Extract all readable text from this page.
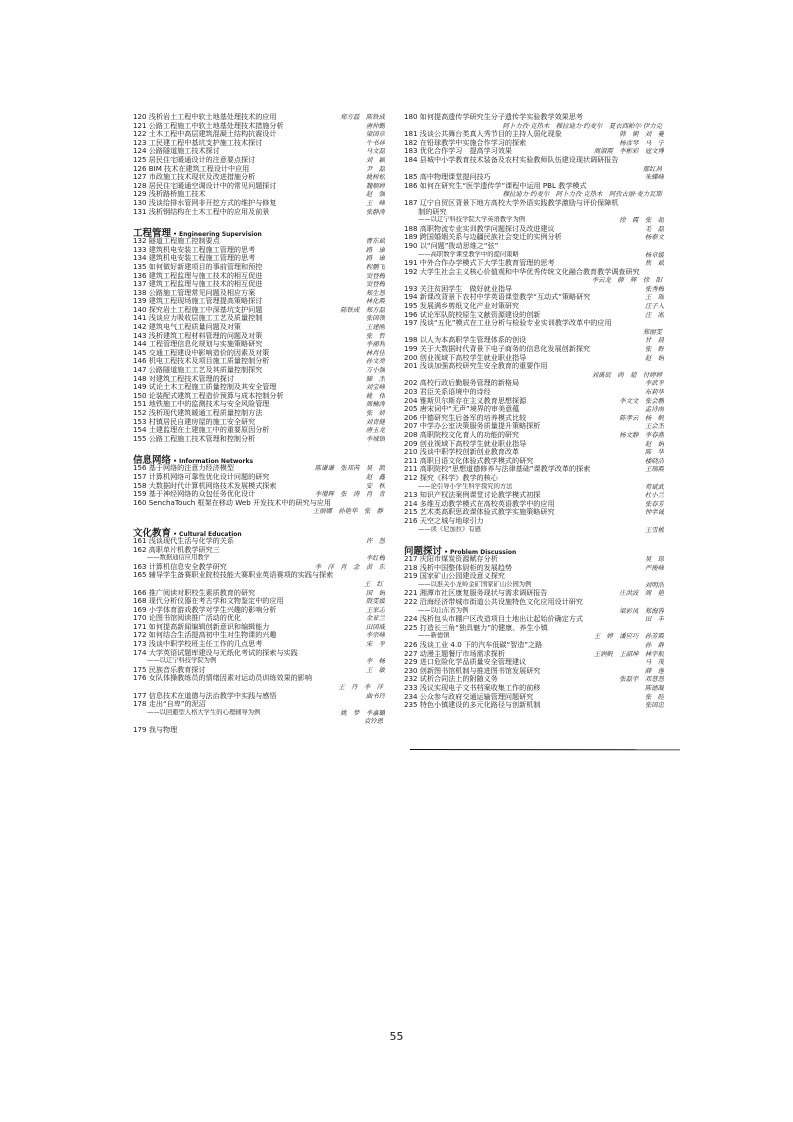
120 浅析岩土工程中软土地基处理技术的应用	郑方磊　陈铁成
121 公路工程施工中软土地基处理技术措施分析	唐仲勤
122 土木工程中高层建筑混凝土结构抗震设计	梁国章
123 工民建工程中基坑支护施工技术探讨	牛书祥
124 公路隧道施工技术探讨	马文磊
125 居民住宅暖通设计的注意要点探讨	刘　颖
126 BIM 技术在建筑工程设计中应用	尹　磊
127 市政施工技术现状及改进措施分析	姚树松
128 居民住宅暖通空调设计中的常见问题探讨	魏顺婷
129 浅析路桥施工技术	赵　强
130 浅谈给排水管网非开挖方式的维护与修复	王　峰
131 浅析钢结构在土木工程中的应用及前景	张静涛
工程管理 • Engineering Supervision
132 隧道工程施工控制要点	曹东斌
133 建筑机电安装工程施工管理的思考	路　康
134 建筑机电安装工程施工管理的思考	路　康
135 如何做好新建项目的事前管理和预控	程鹏飞
136 建筑工程监理与施工技术的相互促进	窦登梅
137 建筑工程监理与施工技术的相互促进	窦登梅
138 公路施工管理常见问题及相应方案	郑生慧
139 建筑工程现场施工管理提高策略探讨	林化霞
140 探究岩土工程施工中深基坑支护问题	陈铁成　郑方磊
141 浅谈应力吸收层施工工艺及质量控制	张国领
142 建筑电气工程质量问题及对策	王建刚
143 浅析建筑工程材料管理的问题及对策	张　哲
144 工程管理信息化规划与实施策略研究	李福利
145 交通工程建设中影响造价的因素及对策	林肖佳
146 机电工程技术及项目施工质量控制分析	孙文亮
147 公路隧道施工工艺及其质量控制探究	万小强
148 对建筑工程技术管理的探讨	滕　杰
149 试论土木工程施工质量控制及其安全管理	刘宝峰
150 论装配式建筑工程造价预算与成本控制分析	姚　伟
151 地铁施工中的监测技术与安全风险管理	周楠涛
152 浅析现代建筑暖通工程质量控制方法	张　妍
153 村镇居民自建房屋的施工安全研究	刘青健
154 土建监理在土建施工中的重要原因分析	唐玉龙
155 公路工程施工技术管理和控制分析	李城镇
信息网络 • Information Networks
156 基于网络的注意力经济模型	陈谦谦　张邦芮　吴　凯
157 计算机网络可靠性优化设计问题的研究	赵　鑫
158 大数据时代计算机网络技术发展模式探索	安　秋
159 基于神经网络的众包任务优化设计	李增辉　张　涛　肖　青
160 SenchaTouch 框架在移动 Web 开发技术中的研究与应用
王丽娜　孙艳华　张　静
文化教育 • Cultural Education
161 浅谈现代生活与化学的关系	许　慧
162 高职单片机教学研究三
——数据通信应用教学	李红梅
163 计算机信息安全教学研究	李　洋　肖　念　黄　东
165 辅导学生备赛职业院校技能大赛职业英语赛项的实践与探索
王　红
166 推广阅读对职校生素质教育的研究	国　娟
168 现代分析仪器在考古学和文物鉴定中的应用	殷雯媛
169 小学体育游戏教学对学生兴趣的影响分析	王家志
170 论图书馆阅读推广活动的优化	金亚兰
171 如何提高新闻编辑创新意识和编辑能力	田国威
172 如何结合生活提高初中生对生物课的兴趣	李宗峰
173 浅谈中职学校班主任工作的几点思考	宋　平
174 大学英语试题库建设与无纸化考试的探索与实践
——以辽宁科技学院为例	李　畅
175 民族音乐教育探讨	王　敏
176 女队体操教练员的情绪因素对运动员训练效果的影响
王　丹　李　洋
177 信息技术在道德与法治教学中实践与感悟	曲书玲
178 走出“自卑”的泥沼
——以回避型人格大学生的心理辅导为例	姚　梦　李嘉璐
袁铃恩
179 我与物理
180 如何提高遗传学研究生分子遗传学实验教学效果思考
阿卜力孜·克热木　穆拉迪力·约麦尔　夏衣西帕尔·伊力克
181 浅谈公共舞台类真人秀节目的主持人弱化现象	韩　朝　刘　蔓
182 在铅球教学中实施合作学习的探索	杨彦琴　马　宁
183 优化合作学习　提高学习效果	周淑霞　李彬彩　寇文博
184 县城中小学教育技术装备及农村实验教师队伍建设现状调研报告
鄢红昌
185 高中物理课堂提问技巧	朱蝶峰
186 如何在研究生“医学遗传学”课程中运用 PBL 教学模式
穆拉迪力·约麦尔　阿卜力孜·克热木　阿孜古丽·麦力瓦斯
187 辽宁自贸区背景下地方高校大学外语实践教学激励与评价保障机
　　制的研究
——以辽宁科技学院大学英语教学为例	徐　霞　张　超
188 高职物流专业实训教学问题探讨及改进建议	毛　磊
189 跨国婚姻关系与边疆民族社会变迁的实例分析	杨泰文
190 以“问题”拨动思维之“弦”
——高职数学课堂教学中的提问策略	杨章媛
191 中外合作办学模式下大学生教育管理的思考	焦　斌
192 大学生社会主义核心价值观和中华优秀传统文化融合教育教学调查研究
李云龙　薛　辉　徐　阳
193 关注贫困学生　做好就业指导	张秀梅
194 新课改背景下农村中学英语课堂教学“互动式”策略研究	王　瑞
195 发展满乡剪纸文化产业对策研究	汪子入
196 试论军队院校原生文献资源建设的创新	汪　凇
197 浅谈“五化”模式在工业分析与检验专业实训教学改革中的应用
郑丽雯
198 以人为本高职学生管理体系的创设	甘　晨
199 关于大数据时代背景下电子商务的信息化发展创新探究	张　野
200 创业视域下高校学生就业职业指导	赵　娟
201 浅谈加强高校研究生安全教育的重要作用
刘禹辰　尚　超　付婷婷
202 高校行政后勤服务管理的新格局	李武平
203 君臣关系语境中的诗经	布莉华
204 雅斯贝尔斯存在主义教育思想探源	李文文　张会鹏
205 唐宋词中“无声”境界的审美意蕴	孟诗雨
206 中德研究生后备军的培养模式比较	陈孝云　杨　帆
207 中学办公室决策服务质量提升策略探析	王会杰
208 高职院校文化育人的功能的研究	杨文静　李春燕
209 创业视域下高校学生就业职业指导	赵　娟
210 浅谈中职学校创新创业教育改革	陈　华
211 高职日语文化体验式教学模式的研究	楼晓洁
211 高职院校“思想道德修养与法律基础”课教学改革的探索	王瑞霞
212 探究《科学》教学的核心
——论引导小学生科学探究的方法	苟斌武
213 知识产权法案例课堂讨论教学模式初探	杜小兰
214 多维互动教学模式在高校英语教学中的应用	张春芳
215 艺术类高职思政课体验式教学实施策略研究	钟学诚
216 天空之城与地球引力
——读《尼加拉》有感	王雪桃
问题探讨 • Problem Discussion
217 庆阳市煤炭资源赋存分析	吴　琼
218 浅析中国整体厨柜的发展趋势	严俊峰
219 国家矿山公园建设意义探究
——以淮关小龙岭金矿国家矿山公园为例	刘明浩
221 湘潭市社区康复服务现状与需求调研报告	庄洪波　周　艳
222 沿海经济带城市街道公共设施特色文化应用设计研究
——以山东省为例	梁彩凤　郑海蓉
224 浅析包头市棚户区改造项目土地出让起始价确定方式	田　丰
225 打造长三角“独具魅力”的健康、养生小镇
——新德镇	王　婷　潘应巧　孙芳霞
226 浅谈工业 4.0 下的汽车低碳“智造”之路	孙　群
227 动漫主题餐厅市场需求探析	王润帆　王韶坤　林宇航
229 进口危险化学品质量安全管理建议	马　茂
230 创新图书馆机制与推进图书馆发展研究	薛　莲
232 试析合同法上的附随义务	张磊宇　邓慧慧
233 浅议实现电子文书档案收集工作的前移	陈德凝
234 公众参与政府交通运输管理问题研究	张　睦
235 特色小镇建设的多元化路径与创新机制	张国忠
55
